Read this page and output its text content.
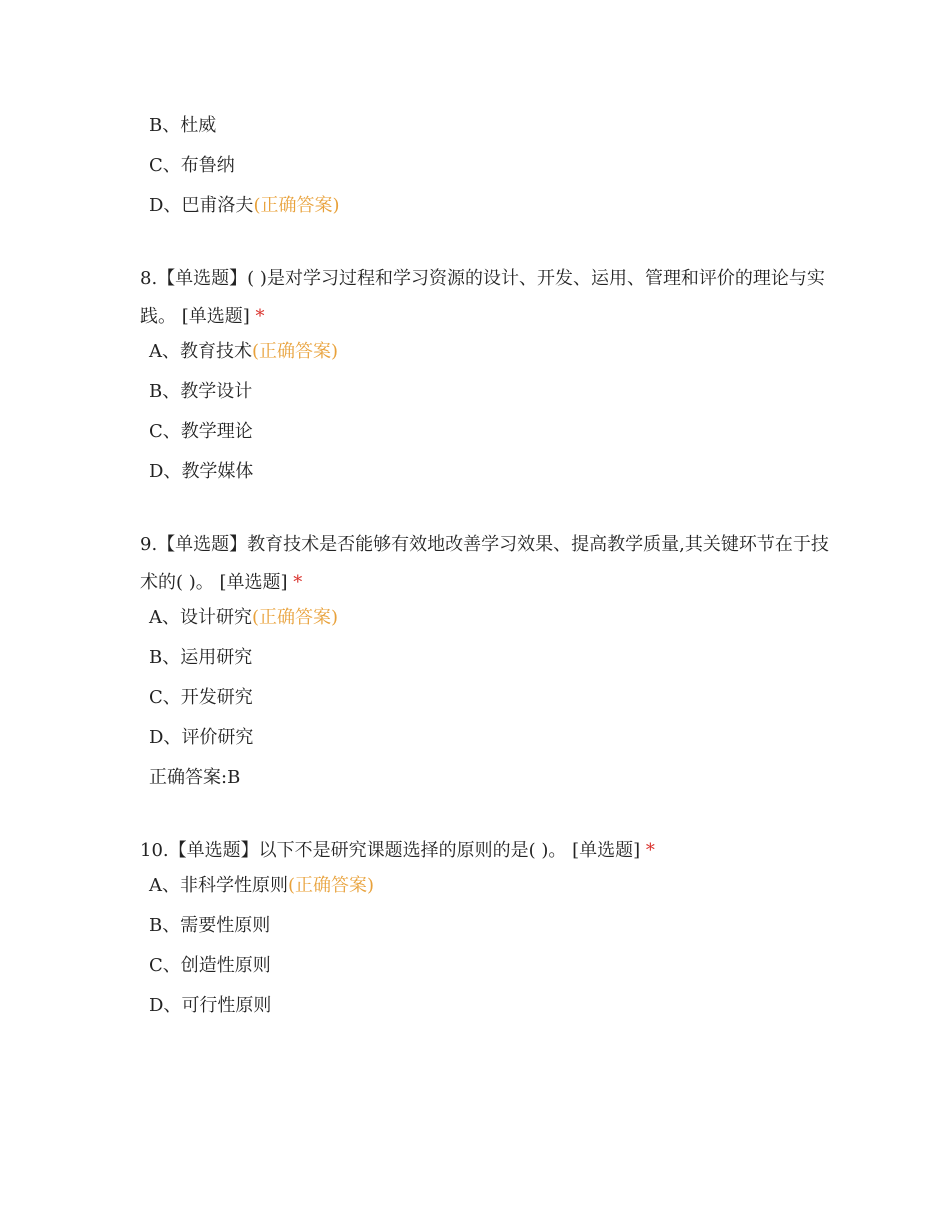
B、杜威
C、布鲁纳
D、巴甫洛夫(正确答案)
8.【单选题】( )是对学习过程和学习资源的设计、开发、运用、管理和评价的理论与实践。 [单选题] *
A、教育技术(正确答案)
B、教学设计
C、教学理论
D、教学媒体
9.【单选题】教育技术是否能够有效地改善学习效果、提高教学质量,其关键环节在于技术的( )。 [单选题] *
A、设计研究(正确答案)
B、运用研究
C、开发研究
D、评价研究
正确答案:B
10.【单选题】以下不是研究课题选择的原则的是( )。 [单选题] *
A、非科学性原则(正确答案)
B、需要性原则
C、创造性原则
D、可行性原则
